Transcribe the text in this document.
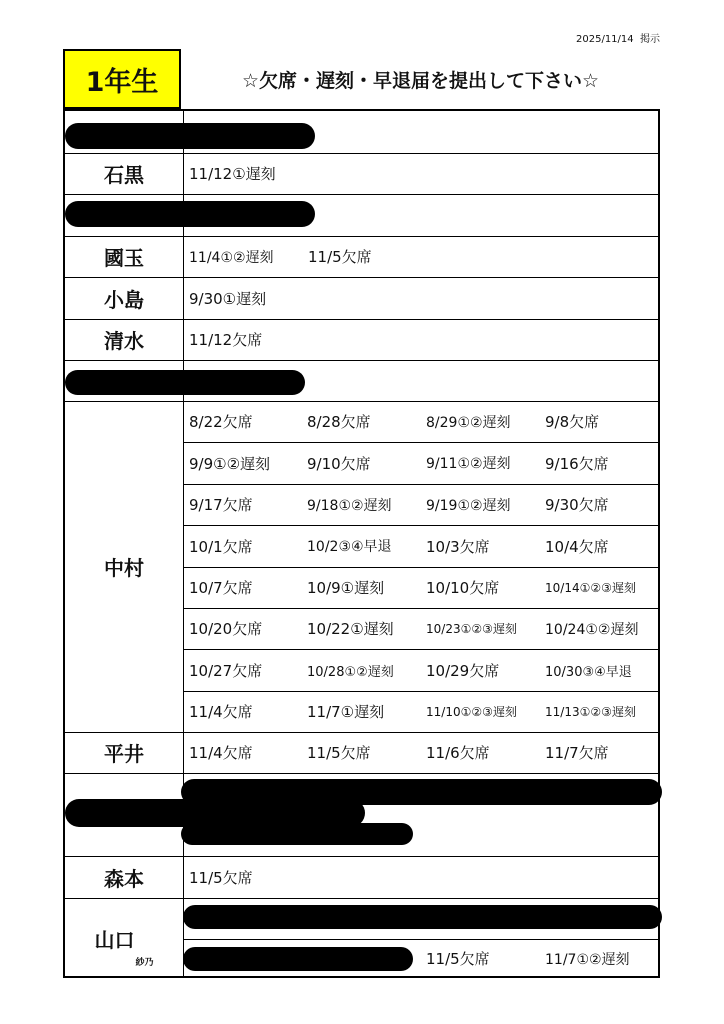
2025/11/14 掲示
1年生	☆欠席・遅刻・早退届を提出して下さい☆
石黒	11/12①遅刻
國玉	11/4①②遅刻 11/5欠席
小島	9/30①遅刻
清水	11/12欠席
中村
8/22欠席	8/28欠席	8/29①②遅刻 9/8欠席
9/9①②遅刻 9/10欠席	9/11①②遅刻 9/16欠席
9/17欠席	9/18①②遅刻 9/19①②遅刻 9/30欠席
10/1欠席	10/2③④早退 10/3欠席	10/4欠席
10/7欠席	10/9①遅刻	10/10欠席	10/14①②③遅刻
10/20欠席	10/22①遅刻	10/23①②③遅刻 10/24①②遅刻
10/27欠席	10/28①②遅刻 10/29欠席	10/30③④早退
11/4欠席	11/7①遅刻	11/10①②③遅刻 11/13①②③遅刻
平井	11/4欠席	11/5欠席	11/6欠席	11/7欠席
森本	11/5欠席
山口
紗乃	11/5欠席	11/7①②遅刻
